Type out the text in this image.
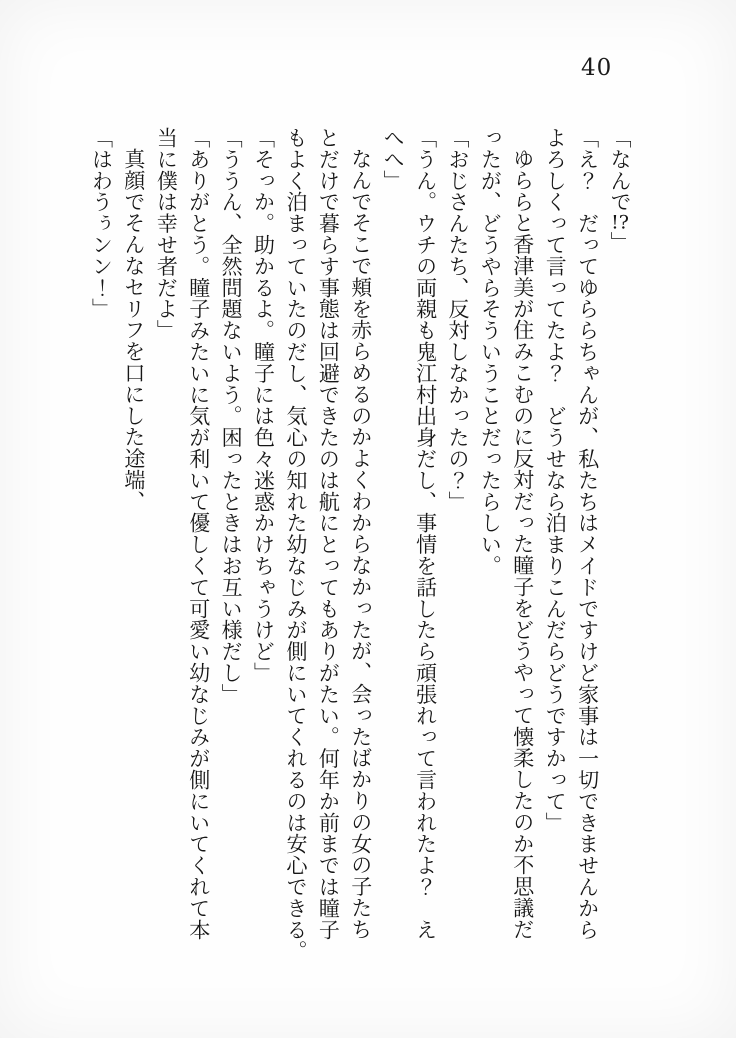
40

「なんで!?」

「え？　だってゆららちゃんが、私たちはメイドですけど家事は一切できませんから

よろしくって言ってたよ？　どうせなら泊まりこんだらどうですかって」

ゆららと香津美が住みこむのに反対だった瞳子をどうやって懐柔したのか不思議だ

ったが、どうやらそういうことだったらしい。

「おじさんたち、反対しなかったの？」

「うん。ウチの両親も鬼江村出身だし、事情を話したら頑張れって言われたよ？　え

へへ」

なんでそこで頬を赤らめるのかよくわからなかったが、会ったばかりの女の子たち

とだけで暮らす事態は回避できたのは航にとってもありがたい。何年か前までは瞳子

もよく泊まっていたのだし、気心の知れた幼なじみが側にいてくれるのは安心できる。

「そっか。助かるよ。瞳子には色々迷惑かけちゃうけど」

「ううん、全然問題ないよう。困ったときはお互い様だし」

「ありがとう。瞳子みたいに気が利いて優しくて可愛い幼なじみが側にいてくれて本

当に僕は幸せ者だよ」

真顔でそんなセリフを口にした途端、

「はわうぅンン！」
